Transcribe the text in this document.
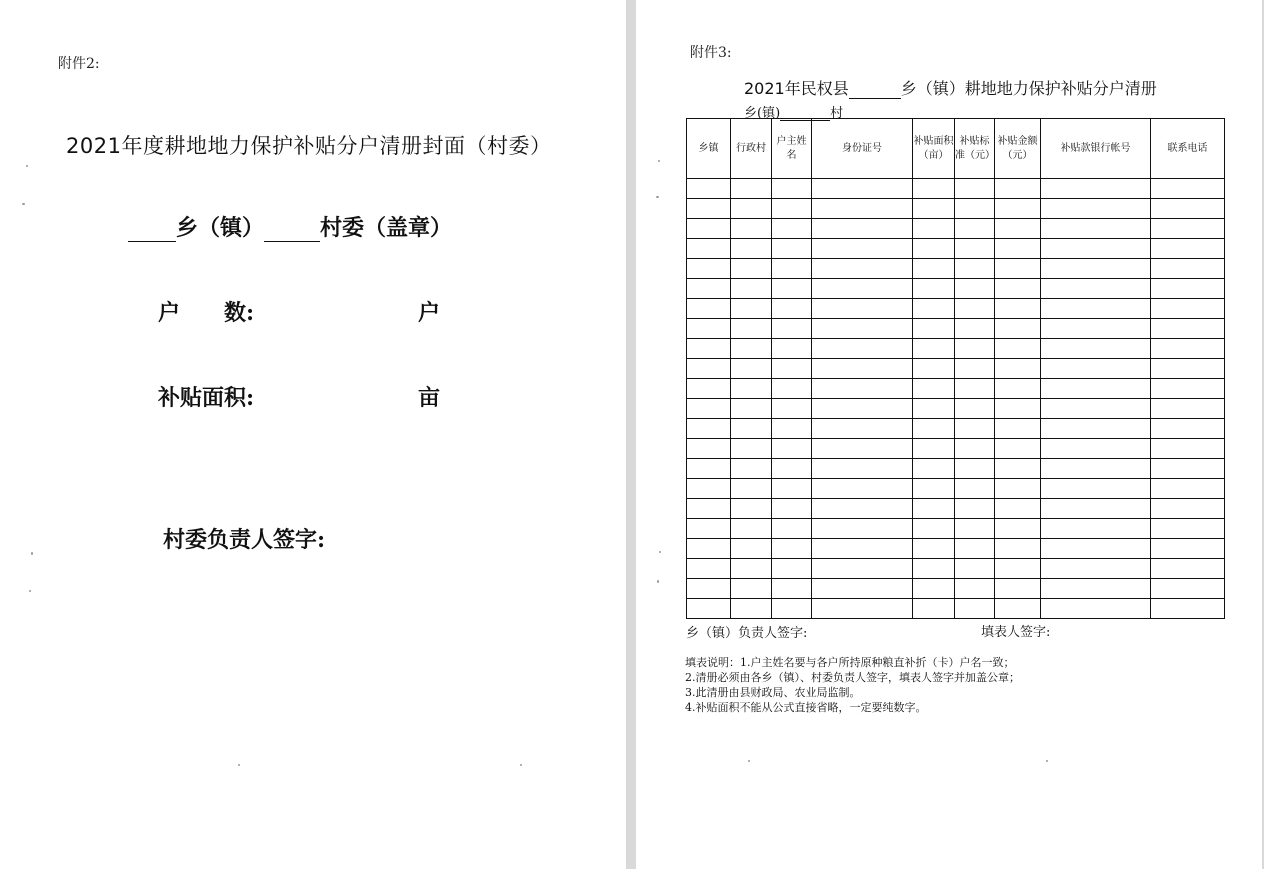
附件2:
2021年度耕地地力保护补贴分户清册封面（村委）
乡（镇）	村委（盖章）
户　　数:	户
补贴面积:	亩
村委负责人签字:
附件3:
2021年民权县	乡（镇）耕地地力保护补贴分户清册
乡(镇)	村
乡镇	行政村	户主姓名	身份证号	补贴面积（亩）	补贴标准（元）	补贴金额（元）	补贴款银行帐号	联系电话

乡（镇）负责人签字:	填表人签字:
填表说明：1.户主姓名要与各户所持原种粮直补折（卡）户名一致；
2.清册必须由各乡（镇）、村委负责人签字，填表人签字并加盖公章；
3.此清册由县财政局、农业局监制。
4.补贴面积不能从公式直接省略，一定要纯数字。
